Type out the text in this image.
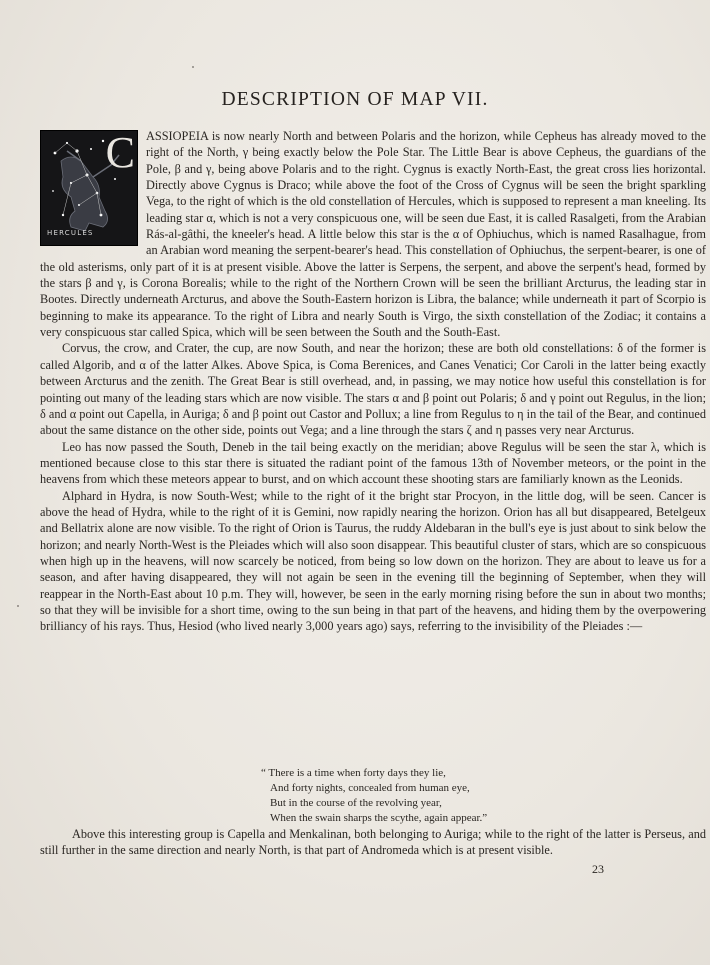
DESCRIPTION OF MAP VII.

C
HERCULES
ASSIOPEIA is now nearly North and between Polaris and the horizon, while Cepheus has already moved to the right of the North, γ being exactly below the Pole Star. The Little Bear is above Cepheus, the guardians of the Pole, β and γ, being above Polaris and to the right. Cygnus is exactly North-East, the great cross lies horizontal. Directly above Cygnus is Draco; while above the foot of the Cross of Cygnus will be seen the bright sparkling Vega, to the right of which is the old constellation of Hercules, which is supposed to represent a man kneeling. Its leading star α, which is not a very conspicuous one, will be seen due East, it is called Rasalgeti, from the Arabian Rás-al-gâthi, the kneeler's head. A little below this star is the α of Ophiuchus, which is named Rasalhague, from an Arabian word meaning the serpent-bearer's head. This constellation of Ophiuchus, the serpent-bearer, is one of the old asterisms, only part of it is at present visible. Above the latter is Serpens, the serpent, and above the serpent's head, formed by the stars β and γ, is Corona Borealis; while to the right of the Northern Crown will be seen the brilliant Arcturus, the leading star in Bootes. Directly underneath Arcturus, and above the South-Eastern horizon is Libra, the balance; while underneath it part of Scorpio is beginning to make its appearance. To the right of Libra and nearly South is Virgo, the sixth constellation of the Zodiac; it contains a very conspicuous star called Spica, which will be seen between the South and the South-East.

Corvus, the crow, and Crater, the cup, are now South, and near the horizon; these are both old constellations: δ of the former is called Algorib, and α of the latter Alkes. Above Spica, is Coma Berenices, and Canes Venatici; Cor Caroli in the latter being exactly between Arcturus and the zenith. The Great Bear is still overhead, and, in passing, we may notice how useful this constellation is for pointing out many of the leading stars which are now visible. The stars α and β point out Polaris; δ and γ point out Regulus, in the lion; δ and α point out Capella, in Auriga; δ and β point out Castor and Pollux; a line from Regulus to η in the tail of the Bear, and continued about the same distance on the other side, points out Vega; and a line through the stars ζ and η passes very near Arcturus.

Leo has now passed the South, Deneb in the tail being exactly on the meridian; above Regulus will be seen the star λ, which is mentioned because close to this star there is situated the radiant point of the famous 13th of November meteors, or the point in the heavens from which these meteors appear to burst, and on which account these shooting stars are familiarly known as the Leonids.

Alphard in Hydra, is now South-West; while to the right of it the bright star Procyon, in the little dog, will be seen. Cancer is above the head of Hydra, while to the right of it is Gemini, now rapidly nearing the horizon. Orion has all but disappeared, Betelgeux and Bellatrix alone are now visible. To the right of Orion is Taurus, the ruddy Aldebaran in the bull's eye is just about to sink below the horizon; and nearly North-West is the Pleiades which will also soon disappear. This beautiful cluster of stars, which are so conspicuous when high up in the heavens, will now scarcely be noticed, from being so low down on the horizon. They are about to leave us for a season, and after having disappeared, they will not again be seen in the evening till the beginning of September, when they will reappear in the North-East about 10 p.m. They will, however, be seen in the early morning rising before the sun in about two months; so that they will be invisible for a short time, owing to the sun being in that part of the heavens, and hiding them by the overpowering brilliancy of his rays. Thus, Hesiod (who lived nearly 3,000 years ago) says, referring to the invisibility of the Pleiades :—

“ There is a time when forty days they lie,
And forty nights, concealed from human eye,
But in the course of the revolving year,
When the swain sharps the scythe, again appear.”

Above this interesting group is Capella and Menkalinan, both belonging to Auriga; while to the right of the latter is Perseus, and still further in the same direction and nearly North, is that part of Andromeda which is at present visible.

23
